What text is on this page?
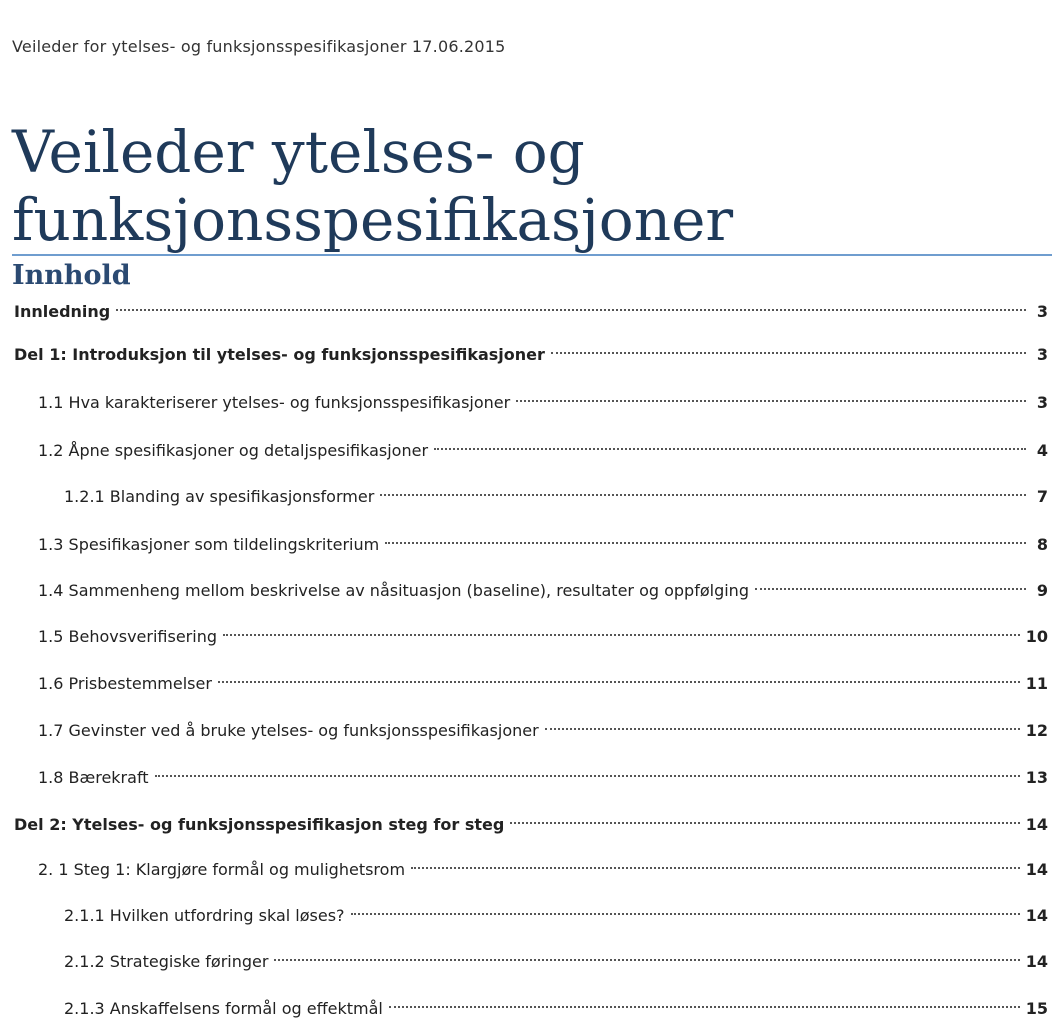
Veileder for ytelses- og funksjonsspesifikasjoner 17.06.2015
Veileder ytelses- og
funksjonsspesifikasjoner
Innhold
Innledning	3
Del 1: Introduksjon til ytelses- og funksjonsspesifikasjoner	3
1.1 Hva karakteriserer ytelses- og funksjonsspesifikasjoner	3
1.2 Åpne spesifikasjoner og detaljspesifikasjoner	4
1.2.1 Blanding av spesifikasjonsformer	7
1.3 Spesifikasjoner som tildelingskriterium	8
1.4 Sammenheng mellom beskrivelse av nåsituasjon (baseline), resultater og oppfølging	9
1.5 Behovsverifisering	10
1.6 Prisbestemmelser	11
1.7 Gevinster ved å bruke ytelses- og funksjonsspesifikasjoner	12
1.8 Bærekraft	13
Del 2: Ytelses- og funksjonsspesifikasjon steg for steg	14
2. 1 Steg 1: Klargjøre formål og mulighetsrom	14
2.1.1 Hvilken utfordring skal løses?	14
2.1.2 Strategiske føringer	14
2.1.3 Anskaffelsens formål og effektmål	15
